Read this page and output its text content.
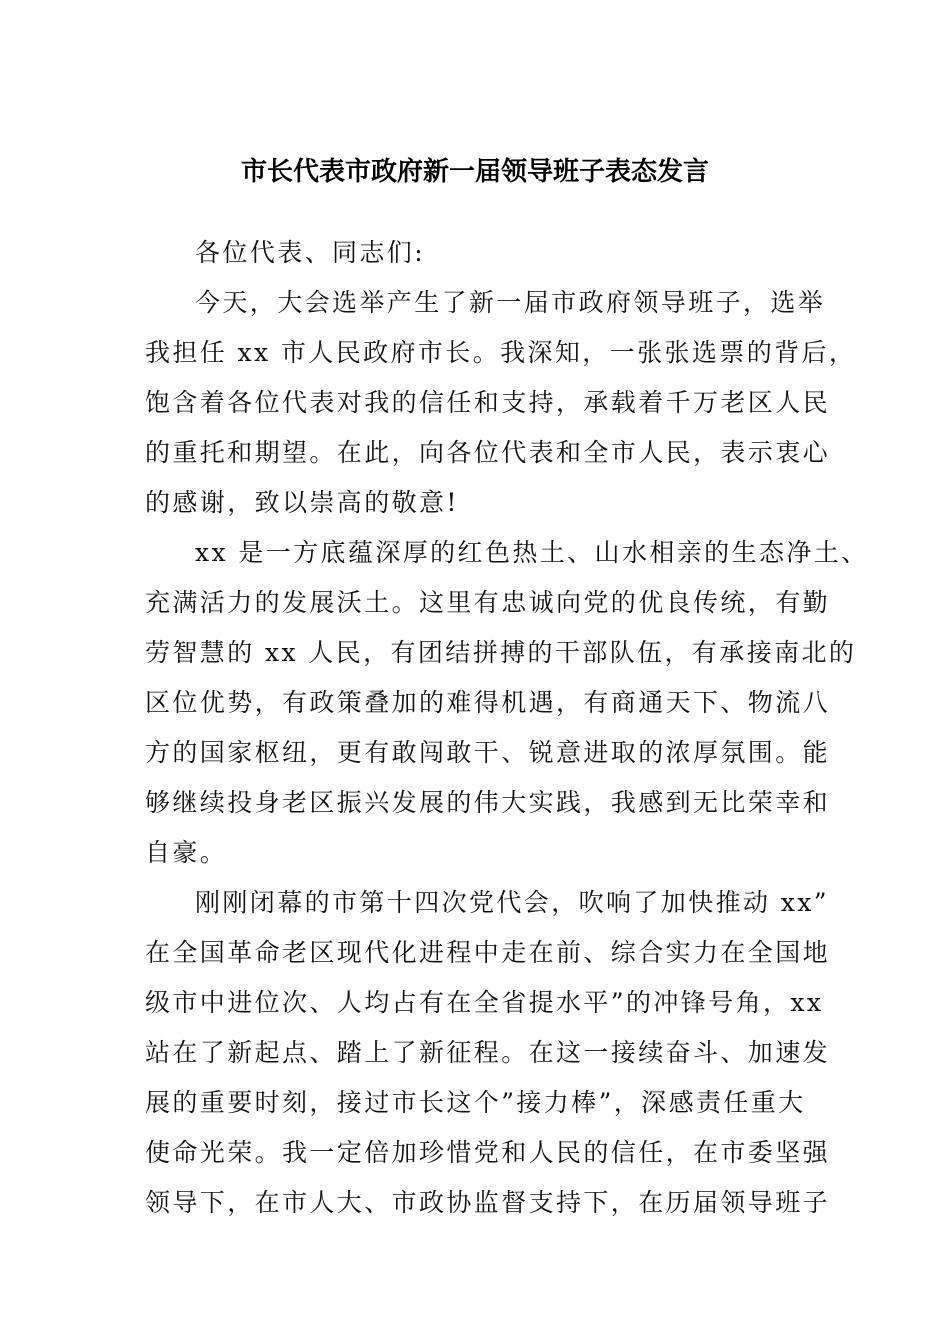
市长代表市政府新一届领导班子表态发言
各位代表、同志们:
今天，大会选举产生了新一届市政府领导班子，选举
我担任 xx 市人民政府市长。我深知，一张张选票的背后，
饱含着各位代表对我的信任和支持，承载着千万老区人民
的重托和期望。在此，向各位代表和全市人民，表示衷心
的感谢，致以崇高的敬意!
xx 是一方底蕴深厚的红色热土、山水相亲的生态净土、
充满活力的发展沃土。这里有忠诚向党的优良传统，有勤
劳智慧的 xx 人民，有团结拼搏的干部队伍，有承接南北的
区位优势，有政策叠加的难得机遇，有商通天下、物流八
方的国家枢纽，更有敢闯敢干、锐意进取的浓厚氛围。能
够继续投身老区振兴发展的伟大实践，我感到无比荣幸和
自豪。
刚刚闭幕的市第十四次党代会，吹响了加快推动 xx”
在全国革命老区现代化进程中走在前、综合实力在全国地
级市中进位次、人均占有在全省提水平”的冲锋号角，xx
站在了新起点、踏上了新征程。在这一接续奋斗、加速发
展的重要时刻，接过市长这个”接力棒”，深感责任重大
使命光荣。我一定倍加珍惜党和人民的信任，在市委坚强
领导下，在市人大、市政协监督支持下，在历届领导班子
